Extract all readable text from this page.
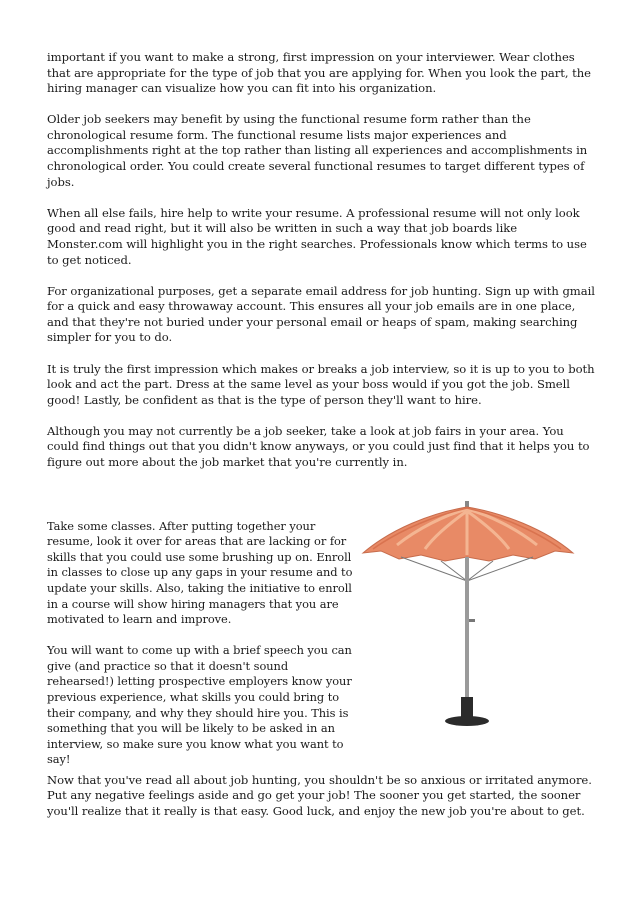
important if you want to make a strong, first impression on your interviewer. Wear clothes that are appropriate for the type of job that you are applying for. When you look the part, the hiring manager can visualize how you can fit into his organization.

Older job seekers may benefit by using the functional resume form rather than the chronological resume form. The functional resume lists major experiences and accomplishments right at the top rather than listing all experiences and accomplishments in chronological order. You could create several functional resumes to target different types of jobs.

When all else fails, hire help to write your resume. A professional resume will not only look good and read right, but it will also be written in such a way that job boards like Monster.com will highlight you in the right searches. Professionals know which terms to use to get noticed.

For organizational purposes, get a separate email address for job hunting. Sign up with gmail for a quick and easy throwaway account. This ensures all your job emails are in one place, and that they're not buried under your personal email or heaps of spam, making searching simpler for you to do.

It is truly the first impression which makes or breaks a job interview, so it is up to you to both look and act the part. Dress at the same level as your boss would if you got the job. Smell good! Lastly, be confident as that is the type of person they'll want to hire.

Although you may not currently be a job seeker, take a look at job fairs in your area. You could find things out that you didn't know anyways, or you could just find that it helps you to figure out more about the job market that you're currently in.

Take some classes. After putting together your resume, look it over for areas that are lacking or for skills that you could use some brushing up on. Enroll in classes to close up any gaps in your resume and to update your skills. Also, taking the initiative to enroll in a course will show hiring managers that you are motivated to learn and improve.

You will want to come up with a brief speech you can give (and practice so that it doesn't sound rehearsed!) letting prospective employers know your previous experience, what skills you could bring to their company, and why they should hire you. This is something that you will be likely to be asked in an interview, so make sure you know what you want to say!

Now that you've read all about job hunting, you shouldn't be so anxious or irritated anymore. Put any negative feelings aside and go get your job! The sooner you get started, the sooner you'll realize that it really is that easy. Good luck, and enjoy the new job you're about to get.
